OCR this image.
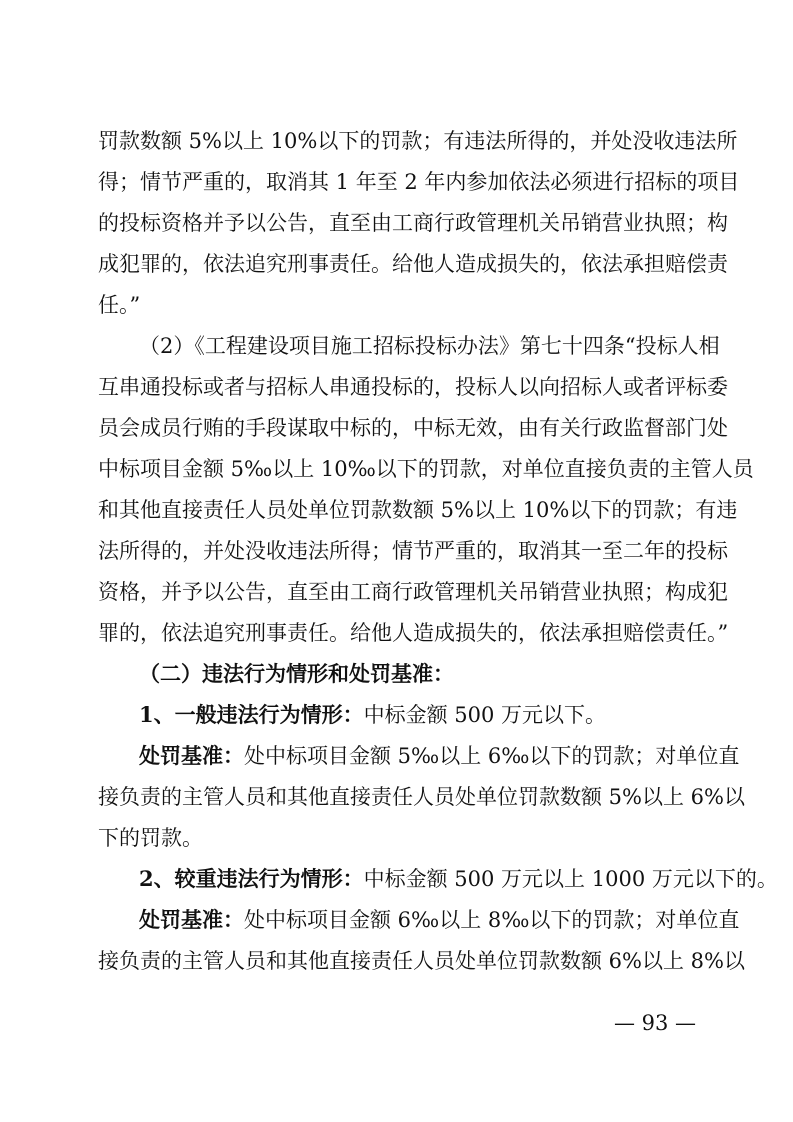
罚款数额 5%以上 10%以下的罚款；有违法所得的，并处没收违法所
得；情节严重的，取消其 1 年至 2 年内参加依法必须进行招标的项目
的投标资格并予以公告，直至由工商行政管理机关吊销营业执照；构
成犯罪的，依法追究刑事责任。给他人造成损失的，依法承担赔偿责
任。”
（2）《工程建设项目施工招标投标办法》第七十四条“投标人相
互串通投标或者与招标人串通投标的，投标人以向招标人或者评标委
员会成员行贿的手段谋取中标的，中标无效，由有关行政监督部门处
中标项目金额 5‰以上 10‰以下的罚款，对单位直接负责的主管人员
和其他直接责任人员处单位罚款数额 5%以上 10%以下的罚款；有违
法所得的，并处没收违法所得；情节严重的，取消其一至二年的投标
资格，并予以公告，直至由工商行政管理机关吊销营业执照；构成犯
罪的，依法追究刑事责任。给他人造成损失的，依法承担赔偿责任。”
（二）违法行为情形和处罚基准：
1、一般违法行为情形：中标金额 500 万元以下。
处罚基准：处中标项目金额 5‰以上 6‰以下的罚款；对单位直
接负责的主管人员和其他直接责任人员处单位罚款数额 5%以上 6%以
下的罚款。
2、较重违法行为情形：中标金额 500 万元以上 1000 万元以下的。
处罚基准：处中标项目金额 6‰以上 8‰以下的罚款；对单位直
接负责的主管人员和其他直接责任人员处单位罚款数额 6%以上 8%以
— 93 —
